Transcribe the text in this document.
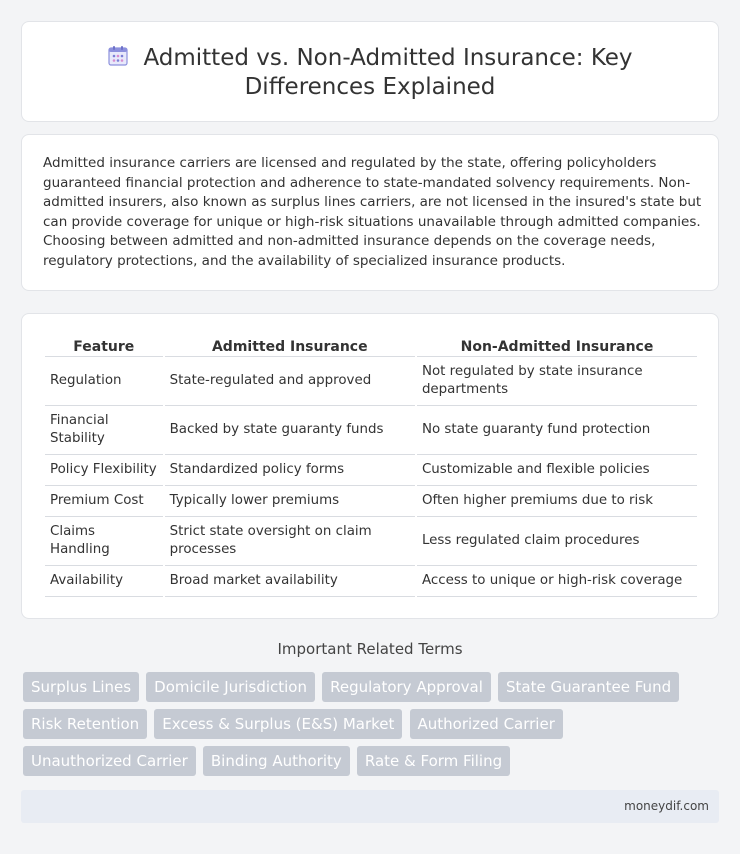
Admitted vs. Non-Admitted Insurance: Key Differences Explained

Admitted insurance carriers are licensed and regulated by the state, offering policyholders guaranteed financial protection and adherence to state-mandated solvency requirements. Non-admitted insurers, also known as surplus lines carriers, are not licensed in the insured's state but can provide coverage for unique or high-risk situations unavailable through admitted companies. Choosing between admitted and non-admitted insurance depends on the coverage needs, regulatory protections, and the availability of specialized insurance products.

Feature	Admitted Insurance	Non-Admitted Insurance
Regulation	State-regulated and approved	Not regulated by state insurance departments
Financial Stability	Backed by state guaranty funds	No state guaranty fund protection
Policy Flexibility	Standardized policy forms	Customizable and flexible policies
Premium Cost	Typically lower premiums	Often higher premiums due to risk
Claims Handling	Strict state oversight on claim processes	Less regulated claim procedures
Availability	Broad market availability	Access to unique or high-risk coverage
Important Related Terms
Surplus Lines Domicile Jurisdiction Regulatory Approval State Guarantee Fund Risk Retention Excess & Surplus (E&S) Market Authorized Carrier Unauthorized Carrier Binding Authority Rate & Form Filing
moneydif.com
